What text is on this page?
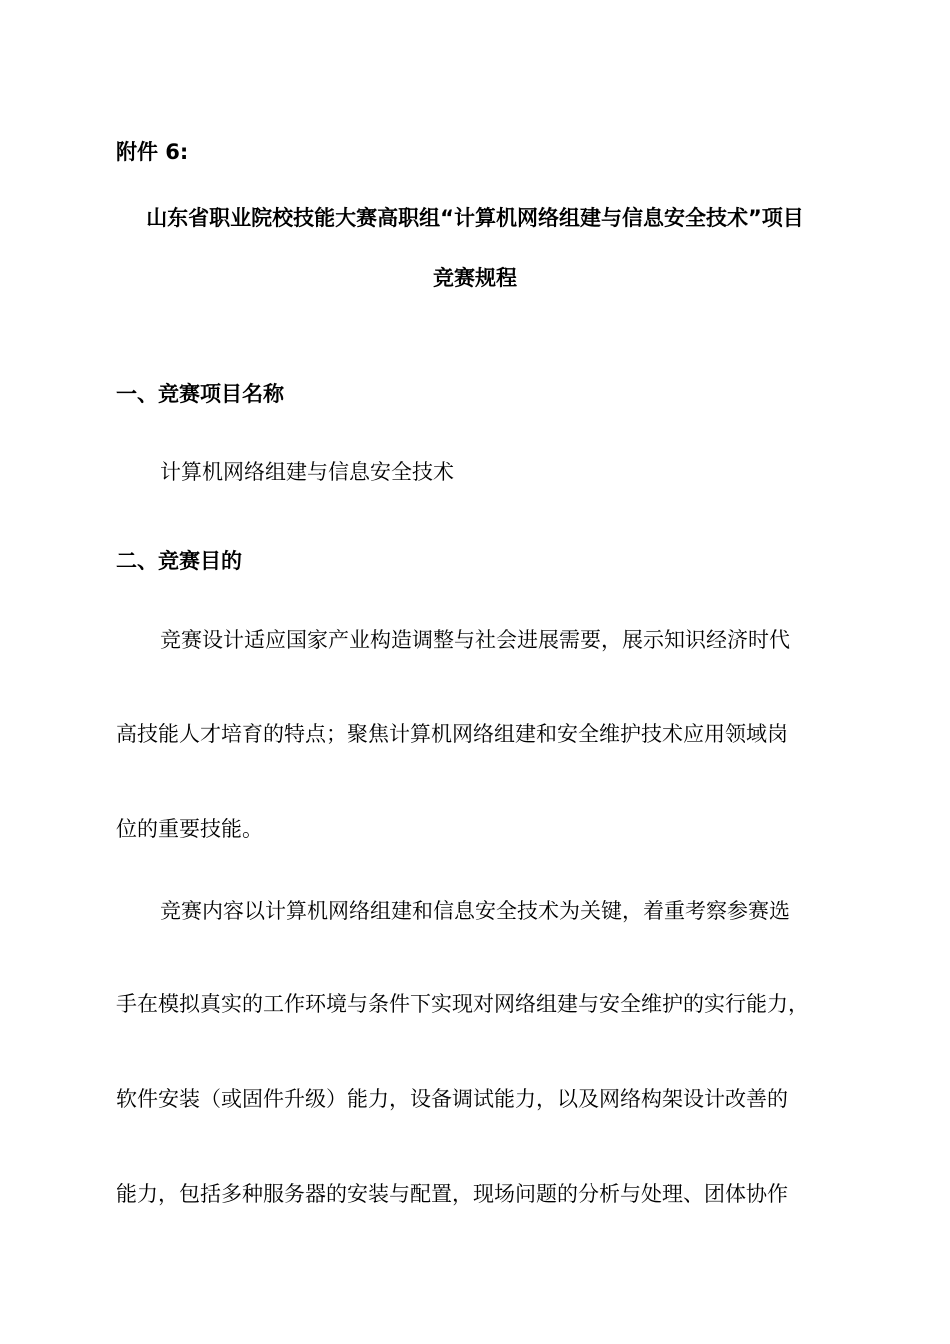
附件 6:
山东省职业院校技能大赛高职组“计算机网络组建与信息安全技术”项目
竞赛规程
一、竞赛项目名称
计算机网络组建与信息安全技术
二、竞赛目的
竞赛设计适应国家产业构造调整与社会进展需要，展示知识经济时代
高技能人才培育的特点；聚焦计算机网络组建和安全维护技术应用领域岗
位的重要技能。
竞赛内容以计算机网络组建和信息安全技术为关键，着重考察参赛选
手在模拟真实的工作环境与条件下实现对网络组建与安全维护的实行能力，
软件安装（或固件升级）能力，设备调试能力，以及网络构架设计改善的
能力，包括多种服务器的安装与配置，现场问题的分析与处理、团体协作
